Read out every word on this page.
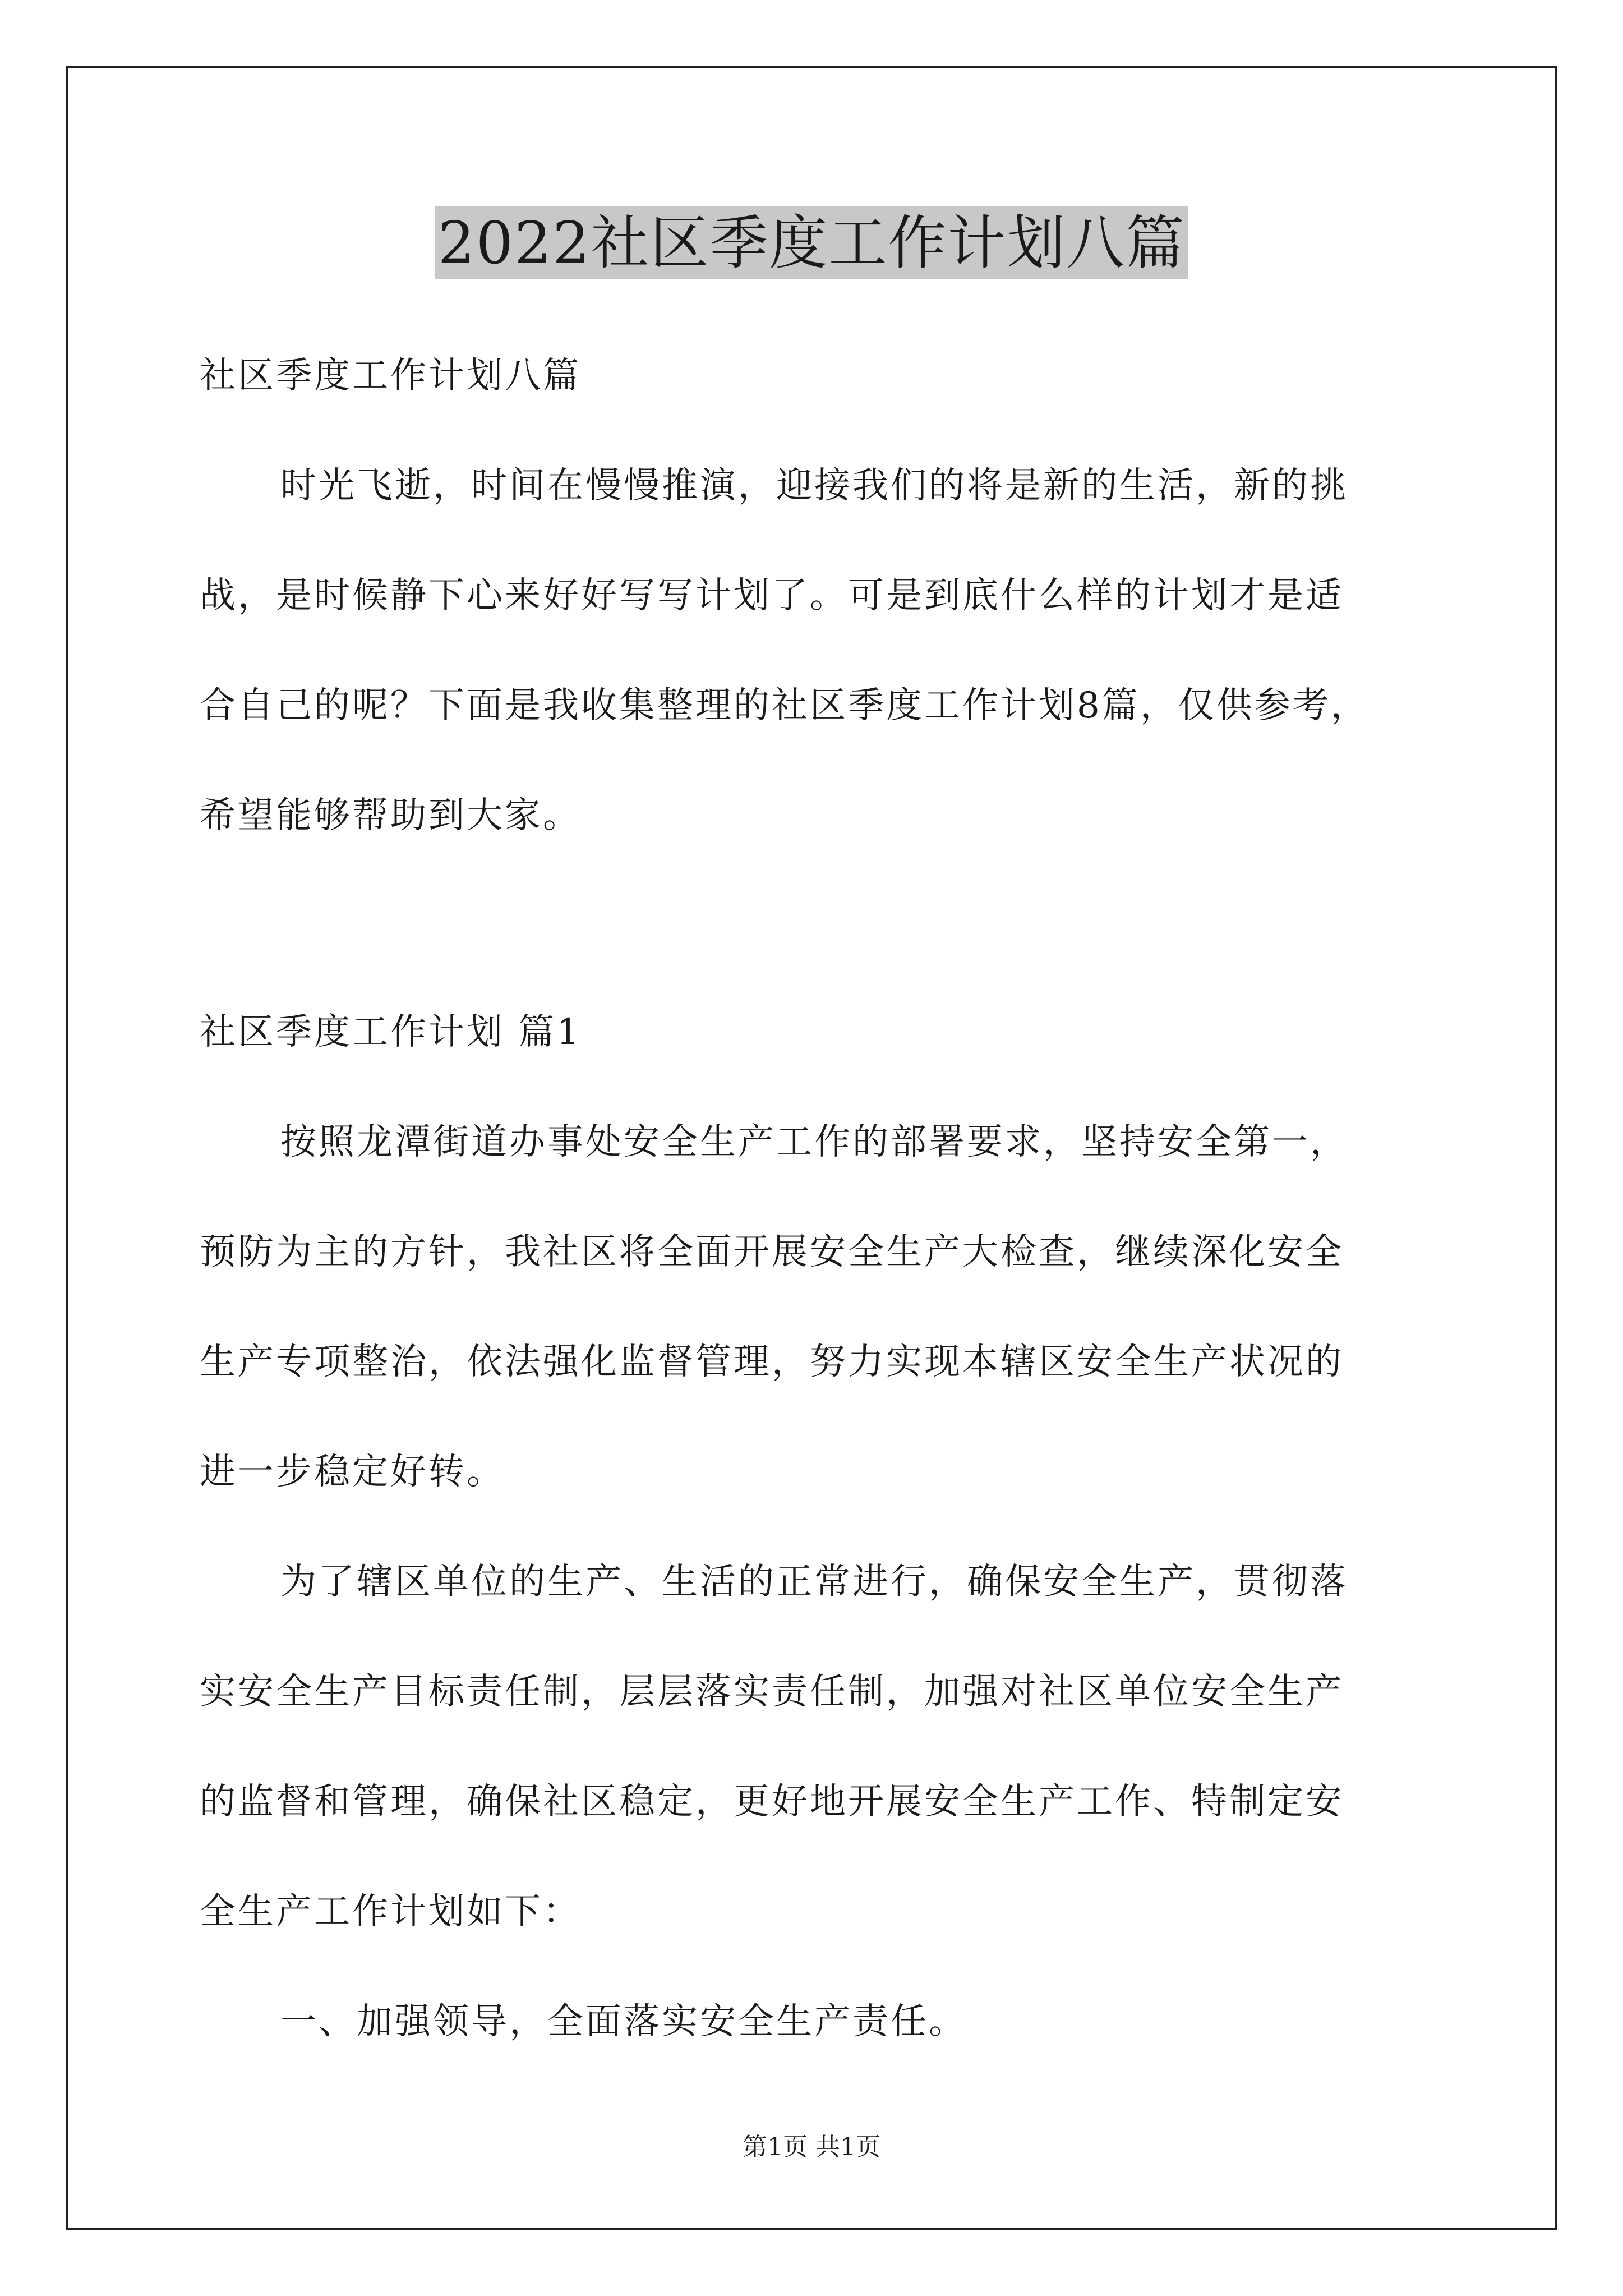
2022社区季度工作计划八篇
社区季度工作计划八篇
时光飞逝，时间在慢慢推演，迎接我们的将是新的生活，新的挑
战，是时候静下心来好好写写计划了。可是到底什么样的计划才是适
合自己的呢？下面是我收集整理的社区季度工作计划8篇，仅供参考，
希望能够帮助到大家。
社区季度工作计划 篇1
按照龙潭街道办事处安全生产工作的部署要求，坚持安全第一，
预防为主的方针，我社区将全面开展安全生产大检查，继续深化安全
生产专项整治，依法强化监督管理，努力实现本辖区安全生产状况的
进一步稳定好转。
为了辖区单位的生产、生活的正常进行，确保安全生产，贯彻落
实安全生产目标责任制，层层落实责任制，加强对社区单位安全生产
的监督和管理，确保社区稳定，更好地开展安全生产工作、特制定安
全生产工作计划如下：
一、加强领导，全面落实安全生产责任。
第1页 共1页
